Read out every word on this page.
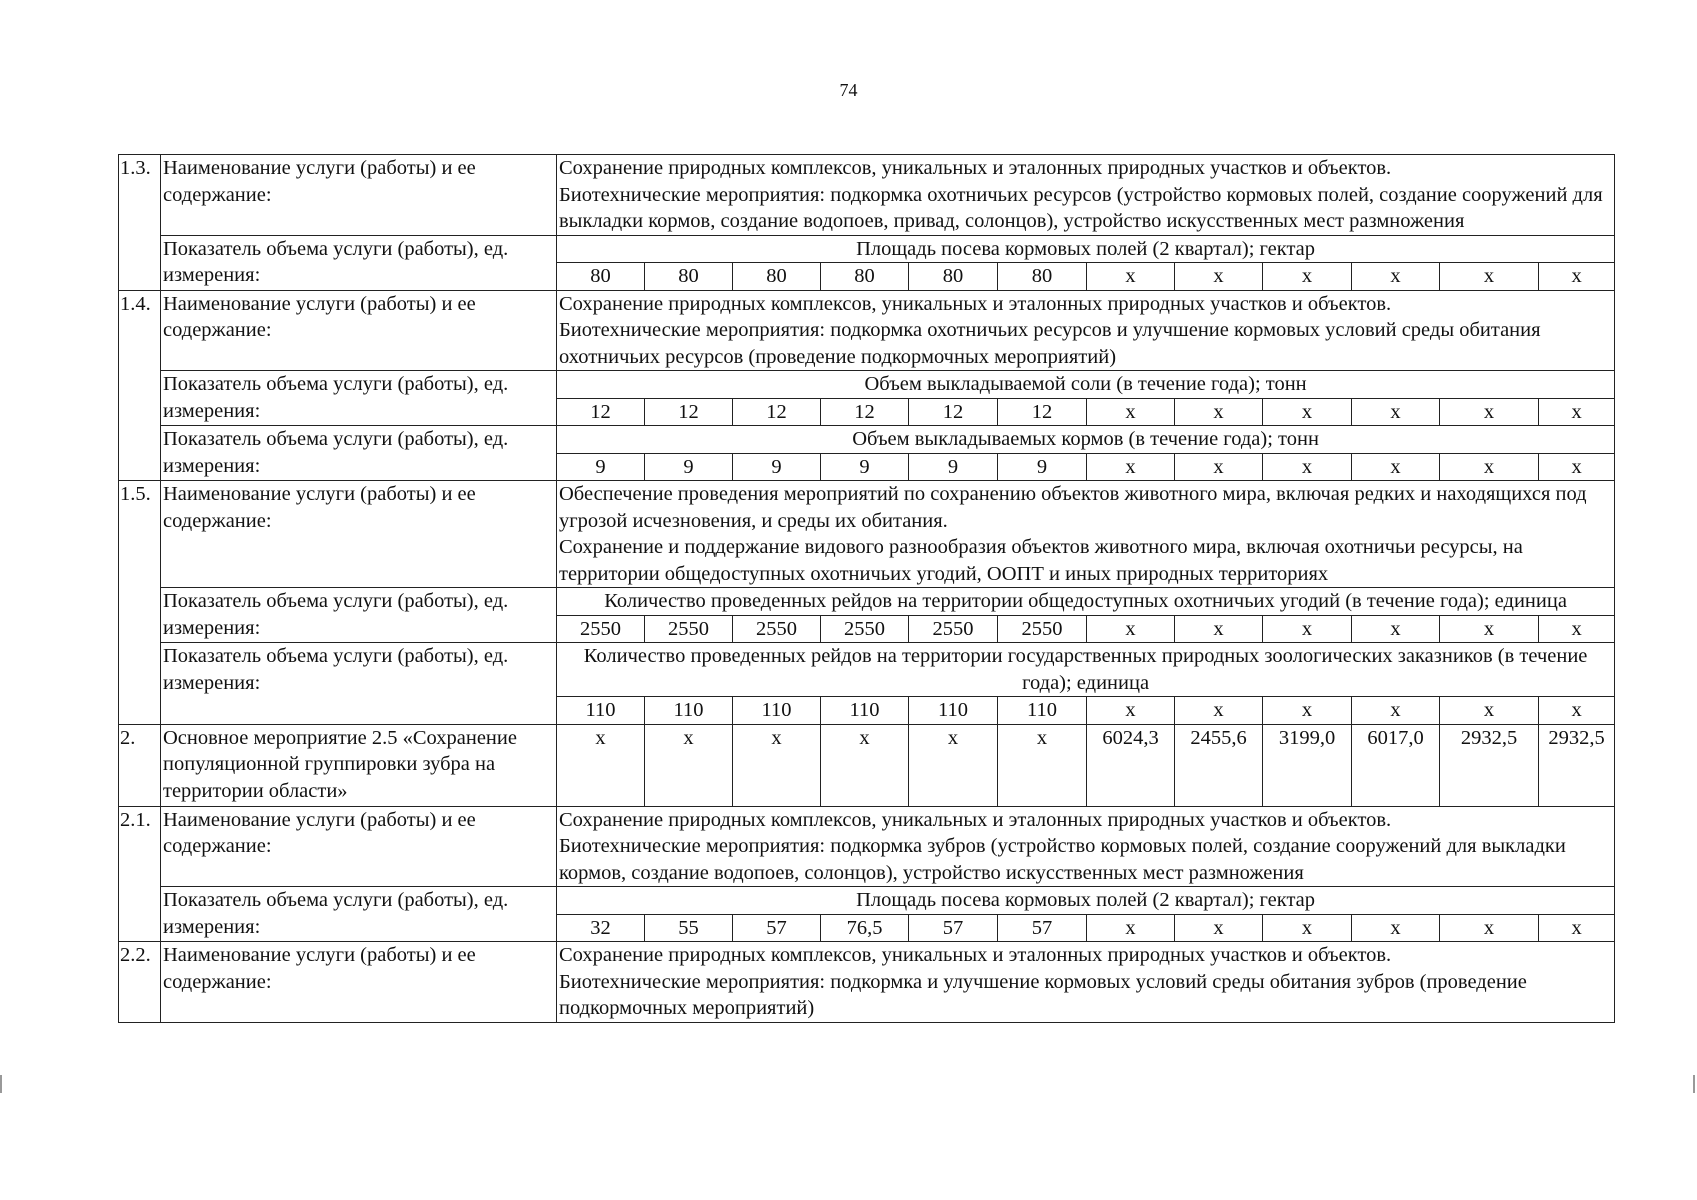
74
1.3.	Наименование услуги (работы) и ее содержание:	Сохранение природных комплексов, уникальных и эталонных природных участков и объектов.
Биотехнические мероприятия: подкормка охотничьих ресурсов (устройство кормовых полей, создание сооружений для выкладки кормов, создание водопоев, привад, солонцов), устройство искусственных мест размножения											

	Показатель объема услуги (работы), ед. измерения:	Площадь посева кормовых полей (2 квартал); гектар											
		80	80	80	80	80	80	х	х	х	х	х	х
1.4.	Наименование услуги (работы) и ее содержание:	Сохранение природных комплексов, уникальных и эталонных природных участков и объектов.
Биотехнические мероприятия: подкормка охотничьих ресурсов и улучшение кормовых условий среды обитания охотничьих ресурсов (проведение подкормочных мероприятий)											

	Показатель объема услуги (работы), ед. измерения:	Объем выкладываемой соли (в течение года); тонн											
		12	12	12	12	12	12	х	х	х	х	х	х
	Показатель объема услуги (работы), ед. измерения:	Объем выкладываемых кормов (в течение года); тонн											
		9	9	9	9	9	9	х	х	х	х	х	х
1.5.	Наименование услуги (работы) и ее содержание:	Обеспечение проведения мероприятий по сохранению объектов животного мира, включая редких и находящихся под угрозой исчезновения, и среды их обитания.
Сохранение и поддержание видового разнообразия объектов животного мира, включая охотничьи ресурсы, на территории общедоступных охотничьих угодий, ООПТ и иных природных территориях											

	Показатель объема услуги (работы), ед. измерения:	Количество проведенных рейдов на территории общедоступных охотничьих угодий (в течение года); единица											
		2550	2550	2550	2550	2550	2550	х	х	х	х	х	х
	Показатель объема услуги (работы), ед. измерения:	Количество проведенных рейдов на территории государственных природных зоологических заказников (в течение года); единица											
		110	110	110	110	110	110	х	х	х	х	х	х
2.	Основное мероприятие 2.5 «Сохранение популяционной группировки зубра на территории области»	х	х	х	х	х	х	6024,3	2455,6	3199,0	6017,0	2932,5	2932,5
2.1.	Наименование услуги (работы) и ее содержание:	Сохранение природных комплексов, уникальных и эталонных природных участков и объектов.
Биотехнические мероприятия: подкормка зубров (устройство кормовых полей, создание сооружений для выкладки кормов, создание водопоев, солонцов), устройство искусственных мест размножения											

	Показатель объема услуги (работы), ед. измерения:	Площадь посева кормовых полей (2 квартал); гектар											
		32	55	57	76,5	57	57	х	х	х	х	х	х
2.2.	Наименование услуги (работы) и ее содержание:	Сохранение природных комплексов, уникальных и эталонных природных участков и объектов.
Биотехнические мероприятия: подкормка и улучшение кормовых условий среды обитания зубров (проведение подкормочных мероприятий)											
